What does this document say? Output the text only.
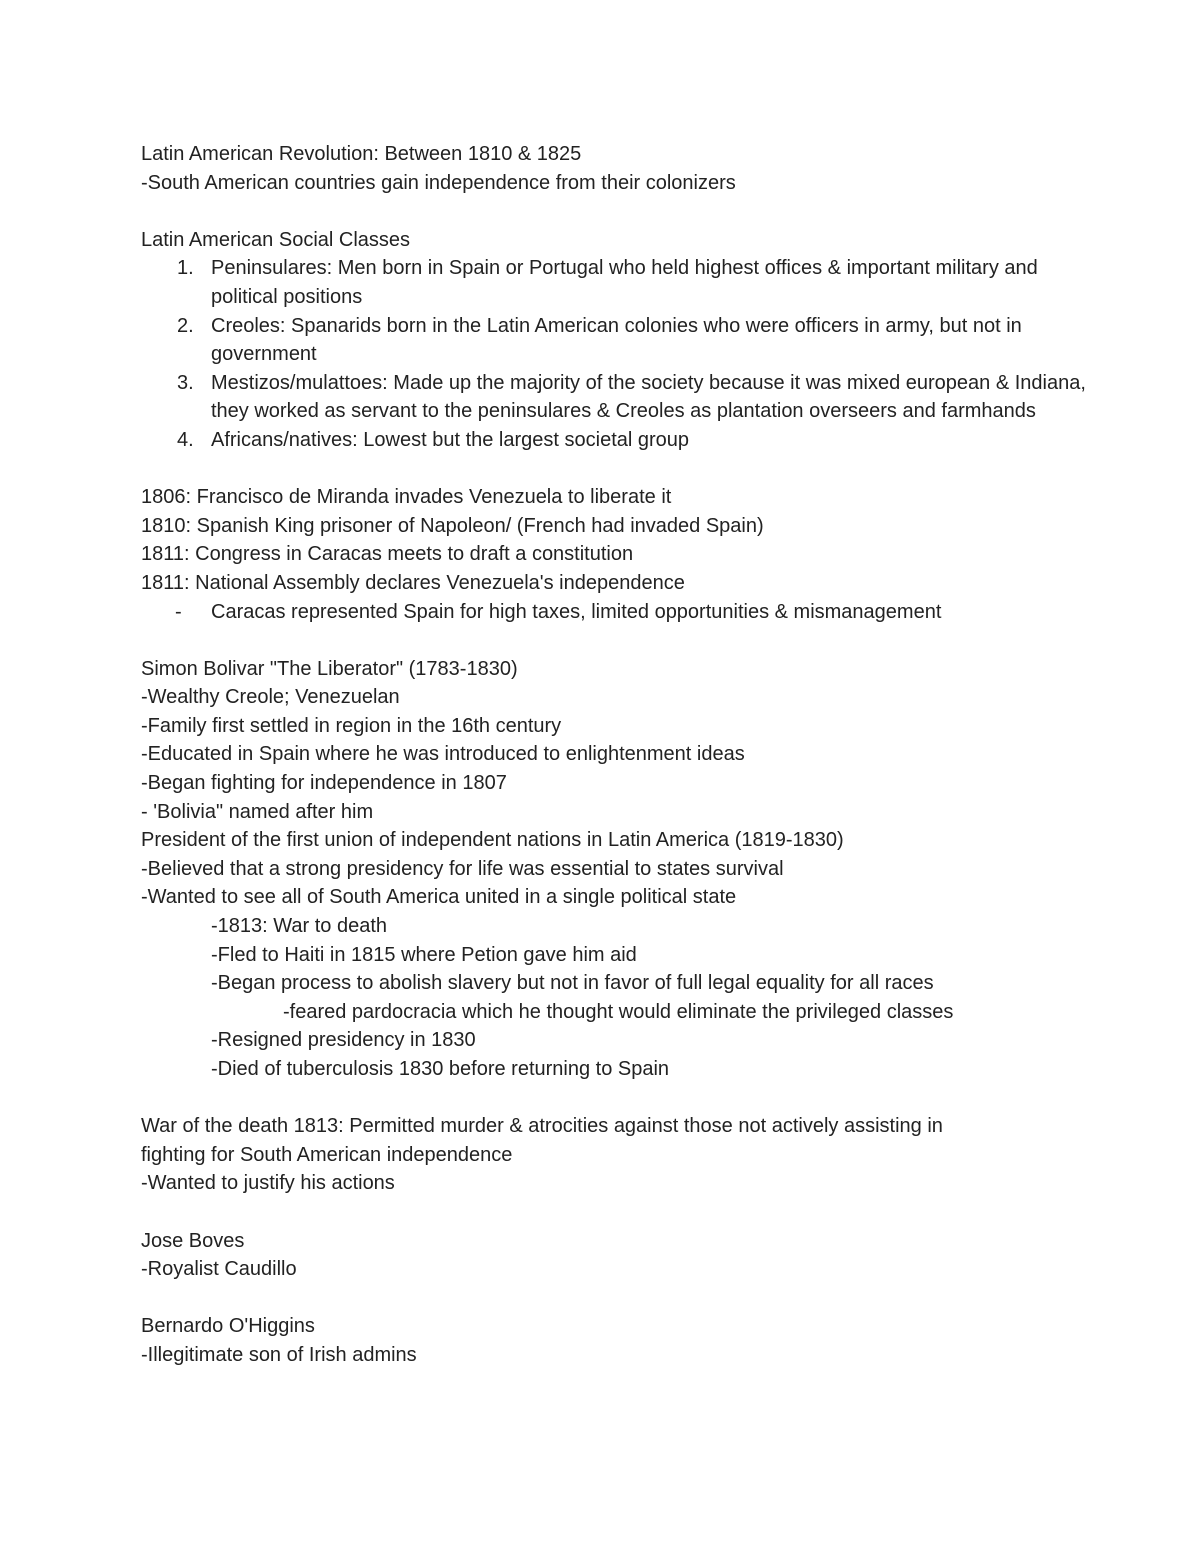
Latin American Revolution: Between 1810 & 1825

-South American countries gain independence from their colonizers

Latin American Social Classes

1. Peninsulares: Men born in Spain or Portugal who held highest offices & important military and political positions
2. Creoles: Spanarids born in the Latin American colonies who were officers in army, but not in government
3. Mestizos/mulattoes: Made up the majority of the society because it was mixed european & Indiana, they worked as servant to the peninsulares & Creoles as plantation overseers and farmhands
4. Africans/natives: Lowest but the largest societal group

1806: Francisco de Miranda invades Venezuela to liberate it

1810: Spanish King prisoner of Napoleon/ (French had invaded Spain)

1811: Congress in Caracas meets to draft a constitution

1811: National Assembly declares Venezuela's independence

- Caracas represented Spain for high taxes, limited opportunities & mismanagement

Simon Bolivar "The Liberator" (1783-1830)

-Wealthy Creole; Venezuelan

-Family first settled in region in the 16th century

-Educated in Spain where he was introduced to enlightenment ideas

-Began fighting for independence in 1807

- 'Bolivia" named after him

President of the first union of independent nations in Latin America (1819-1830)

-Believed that a strong presidency for life was essential to states survival

-Wanted to see all of South America united in a single political state

-1813: War to death

-Fled to Haiti in 1815 where Petion gave him aid

-Began process to abolish slavery but not in favor of full legal equality for all races

-feared pardocracia which he thought would eliminate the privileged classes

-Resigned presidency in 1830

-Died of tuberculosis 1830 before returning to Spain

War of the death 1813: Permitted murder & atrocities against those not actively assisting in

fighting for South American independence

-Wanted to justify his actions

Jose Boves

-Royalist Caudillo

Bernardo O'Higgins

-Illegitimate son of Irish admins
